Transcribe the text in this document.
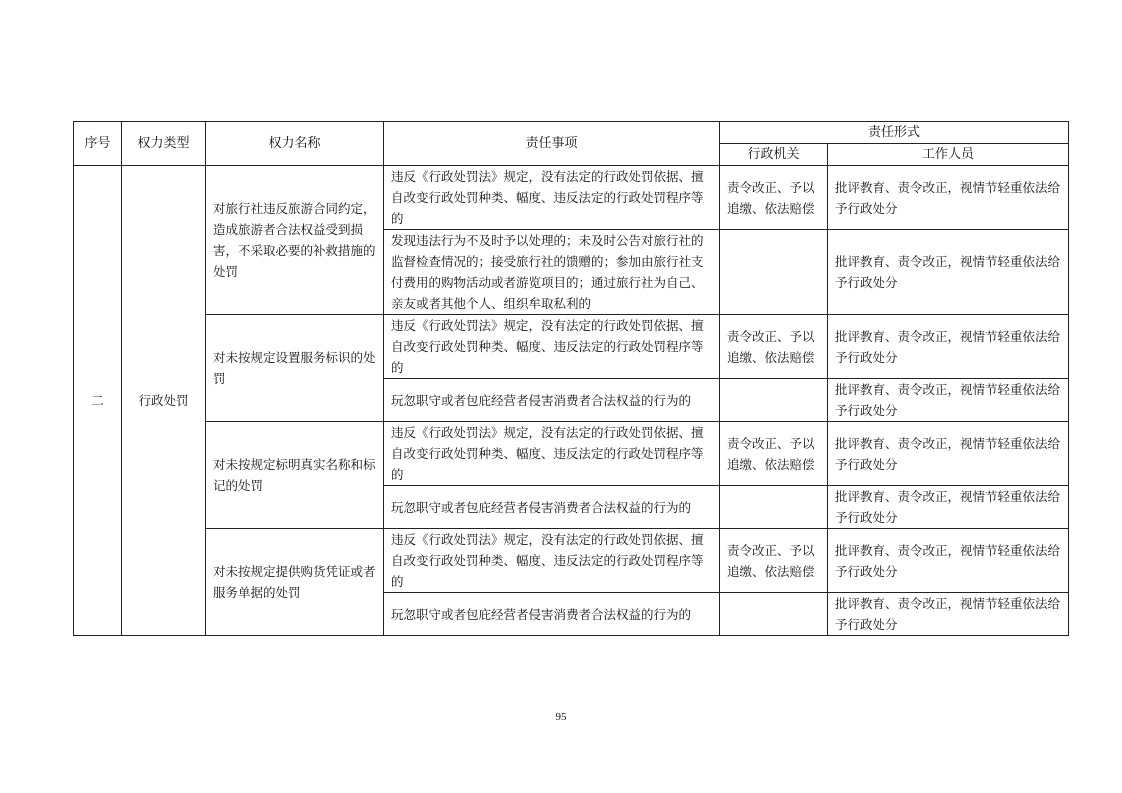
序号	权力类型	权力名称	责任事项	责任形式	
				行政机关	工作人员
二	行政处罚	对旅行社违反旅游合同约定，造成旅游者合法权益受到损害，不采取必要的补救措施的处罚	违反《行政处罚法》规定，没有法定的行政处罚依据、擅自改变行政处罚种类、幅度、违反法定的行政处罚程序等的	责令改正、予以追缴、依法赔偿	批评教育、责令改正，视情节轻重依法给予行政处分
			发现违法行为不及时予以处理的；未及时公告对旅行社的监督检查情况的；接受旅行社的馈赠的；参加由旅行社支付费用的购物活动或者游览项目的；通过旅行社为自己、亲友或者其他个人、组织牟取私利的		批评教育、责令改正，视情节轻重依法给予行政处分
		对未按规定设置服务标识的处罚	违反《行政处罚法》规定，没有法定的行政处罚依据、擅自改变行政处罚种类、幅度、违反法定的行政处罚程序等的	责令改正、予以追缴、依法赔偿	批评教育、责令改正，视情节轻重依法给予行政处分
			玩忽职守或者包庇经营者侵害消费者合法权益的行为的		批评教育、责令改正，视情节轻重依法给予行政处分
		对未按规定标明真实名称和标记的处罚	违反《行政处罚法》规定，没有法定的行政处罚依据、擅自改变行政处罚种类、幅度、违反法定的行政处罚程序等的	责令改正、予以追缴、依法赔偿	批评教育、责令改正，视情节轻重依法给予行政处分
			玩忽职守或者包庇经营者侵害消费者合法权益的行为的		批评教育、责令改正，视情节轻重依法给予行政处分
		对未按规定提供购货凭证或者服务单据的处罚	违反《行政处罚法》规定，没有法定的行政处罚依据、擅自改变行政处罚种类、幅度、违反法定的行政处罚程序等的	责令改正、予以追缴、依法赔偿	批评教育、责令改正，视情节轻重依法给予行政处分
			玩忽职守或者包庇经营者侵害消费者合法权益的行为的		批评教育、责令改正，视情节轻重依法给予行政处分
95
